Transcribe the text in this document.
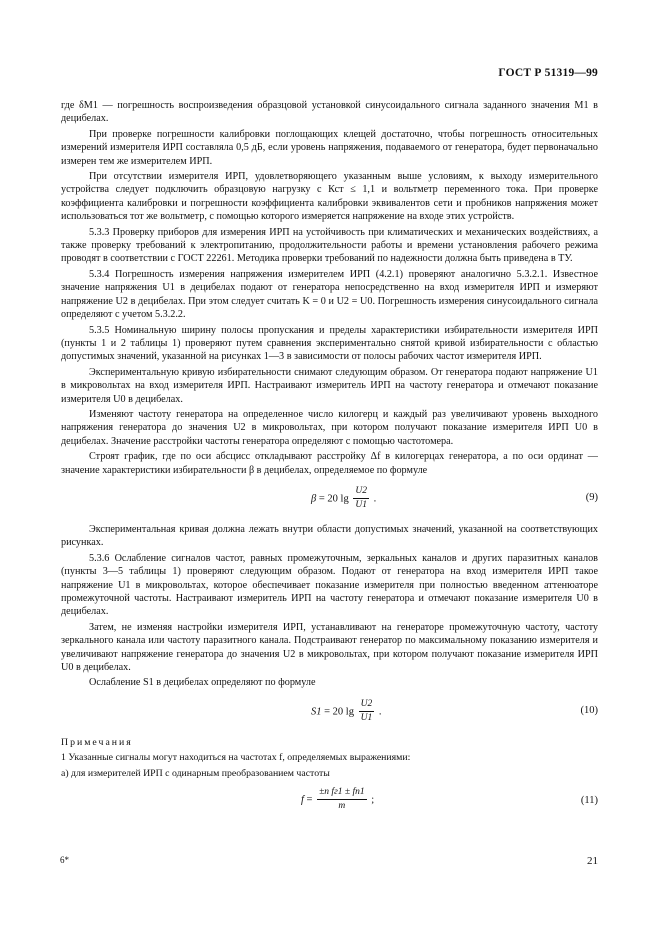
ГОСТ Р 51319—99

где δM1 — погрешность воспроизведения образцовой установкой синусоидального сигнала заданного значения M1 в децибелах.

При проверке погрешности калибровки поглощающих клещей достаточно, чтобы погрешность относительных измерений измерителя ИРП составляла 0,5 дБ, если уровень напряжения, подаваемого от генератора, будет первоначально измерен тем же измерителем ИРП.

При отсутствии измерителя ИРП, удовлетворяющего указанным выше условиям, к выходу измерительного устройства следует подключить образцовую нагрузку с Кст ≤ 1,1 и вольтметр переменного тока. При проверке коэффициента калибровки и погрешности коэффициента калибровки эквивалентов сети и пробников напряжения может использоваться тот же вольтметр, с помощью которого измеряется напряжение на входе этих устройств.

5.3.3 Проверку приборов для измерения ИРП на устойчивость при климатических и механических воздействиях, а также проверку требований к электропитанию, продолжительности работы и времени установления рабочего режима проводят в соответствии с ГОСТ 22261. Методика проверки требований по надежности должна быть приведена в ТУ.

5.3.4 Погрешность измерения напряжения измерителем ИРП (4.2.1) проверяют аналогично 5.3.2.1. Известное значение напряжения U1 в децибелах подают от генератора непосредственно на вход измерителя ИРП и измеряют напряжение U2 в децибелах. При этом следует считать K = 0 и U2 = U0. Погрешность измерения синусоидального сигнала определяют с учетом 5.3.2.2.

5.3.5 Номинальную ширину полосы пропускания и пределы характеристики избирательности измерителя ИРП (пункты 1 и 2 таблицы 1) проверяют путем сравнения экспериментально снятой кривой избирательности с областью допустимых значений, указанной на рисунках 1—3 в зависимости от полосы рабочих частот измерителя ИРП.

Экспериментальную кривую избирательности снимают следующим образом. От генератора подают напряжение U1 в микровольтах на вход измерителя ИРП. Настраивают измеритель ИРП на частоту генератора и отмечают показание измерителя U0 в децибелах.

Изменяют частоту генератора на определенное число килогерц и каждый раз увеличивают уровень выходного напряжения генератора до значения U2 в микровольтах, при котором получают показание измерителя ИРП U0 в децибелах. Значение расстройки частоты генератора определяют с помощью частотомера.

Строят график, где по оси абсцисс откладывают расстройку Δf в килогерцах генератора, а по оси ординат — значение характеристики избирательности β в децибелах, определяемое по формуле

β = 20 $\lg \frac{U2}{U1}$ .	(9)

Экспериментальная кривая должна лежать внутри области допустимых значений, указанной на соответствующих рисунках.

5.3.6 Ослабление сигналов частот, равных промежуточным, зеркальных каналов и других паразитных каналов (пункты 3—5 таблицы 1) проверяют следующим образом. Подают от генератора на вход измерителя ИРП такое напряжение U1 в микровольтах, которое обеспечивает показание измерителя при полностью введенном аттенюаторе промежуточной частоты. Настраивают измеритель ИРП на частоту генератора и отмечают показание измерителя U0 в децибелах.

Затем, не изменяя настройки измерителя ИРП, устанавливают на генераторе промежуточную частоту, частоту зеркального канала или частоту паразитного канала. Подстраивают генератор по максимальному показанию измерителя и увеличивают напряжение генератора до значения U2 в микровольтах, при котором получают показание измерителя ИРП U0 в децибелах.

Ослабление S1 в децибелах определяют по формуле

S1 = 20 $\lg \frac{U2}{U1}$ .	(10)

Примечания

1 Указанные сигналы могут находиться на частотах f, определяемых выражениями:

а) для измерителей ИРП с одинарным преобразованием частоты

$f = \frac{\text{±n fг1 ± fп1}}{m}$ ;	(11)
6*	21
